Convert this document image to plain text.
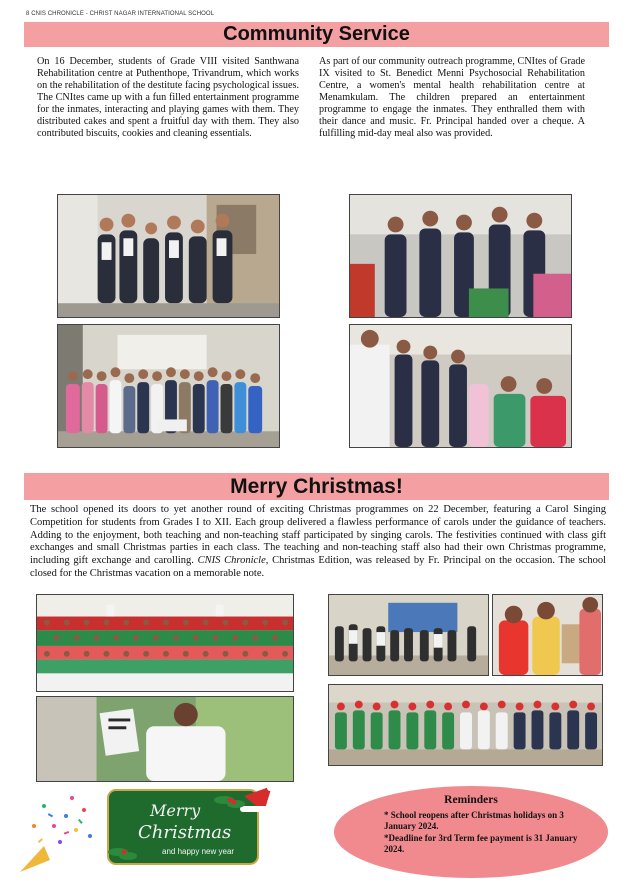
8 CNIS CHRONICLE - CHRIST NAGAR INTERNATIONAL SCHOOL
Community Service
On 16 December, students of Grade VIII visited Santhwana Rehabilitation centre at Puthenthope, Trivandrum, which works on the rehabilitation of the destitute facing psychological issues. The CNItes came up with a fun filled entertainment programme for the inmates, interacting and playing games with them. They distributed cakes and spent a fruitful day with them. They also contributed biscuits, cookies and cleaning essentials.
As part of our community outreach programme, CNItes of Grade IX visited to St. Benedict Menni Psychosocial Rehabilitation Centre, a women's mental health rehabilitation centre at Menamkulam. The children prepared an entertainment programme to engage the inmates. They enthralled them with their dance and music. Fr. Principal handed over a cheque. A fulfilling mid-day meal also was provided.
Merry Christmas!
The school opened its doors to yet another round of exciting Christmas programmes on 22 December, featuring a Carol Singing Competition for students from Grades I to XII. Each group delivered a flawless performance of carols under the guidance of teachers. Adding to the enjoyment, both teaching and non-teaching staff participated by singing carols. The festivities continued with class gift exchanges and small Christmas parties in each class. The teaching and non-teaching staff also had their own Christmas programme, including gift exchange and carolling. CNIS Chronicle, Christmas Edition, was released by Fr. Principal on the occasion. The school closed for the Christmas vacation on a memorable note.
Merry
Christmas
and happy new year
Reminders
* School reopens after Christmas holidays on 3 January 2024.
*Deadline for 3rd Term fee payment is 31 January 2024.
